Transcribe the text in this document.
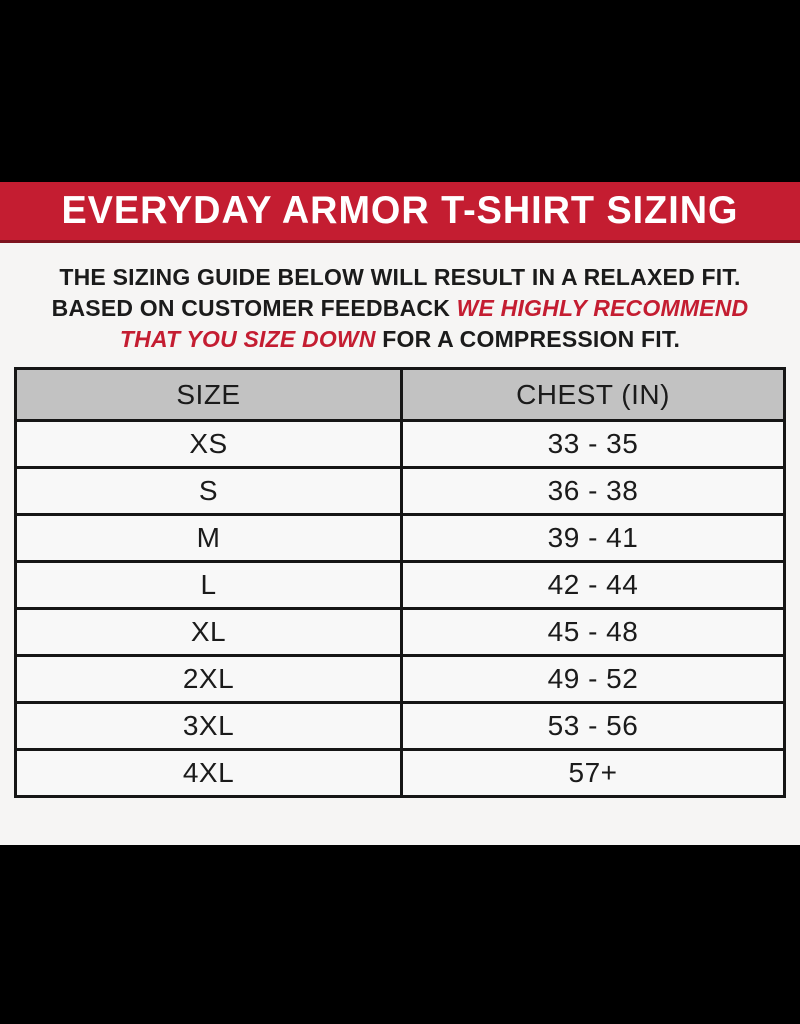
EVERYDAY ARMOR T-SHIRT SIZING
THE SIZING GUIDE BELOW WILL RESULT IN A RELAXED FIT.
BASED ON CUSTOMER FEEDBACK WE HIGHLY RECOMMEND
THAT YOU SIZE DOWN FOR A COMPRESSION FIT.
SIZE	CHEST (IN)
XS	33 - 35
S	36 - 38
M	39 - 41
L	42 - 44
XL	45 - 48
2XL	49 - 52
3XL	53 - 56
4XL	57+
